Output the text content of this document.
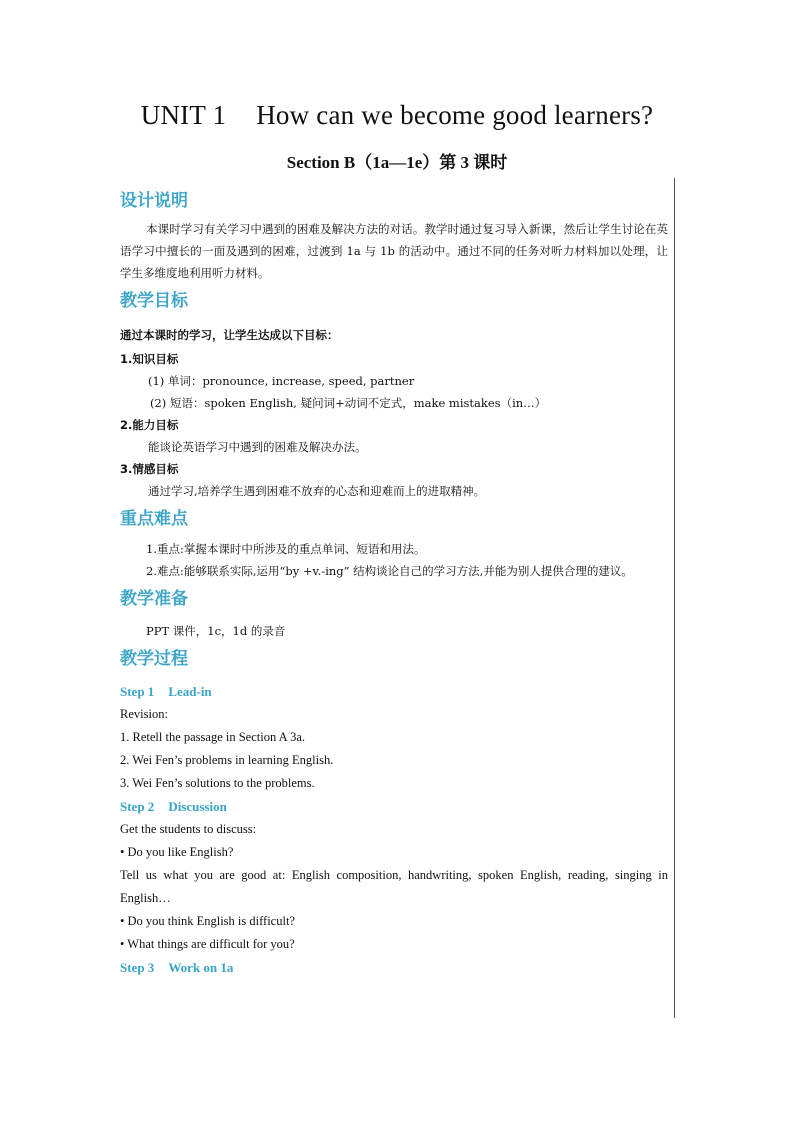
UNIT 1 How can we become good learners?
Section B（1a—1e）第 3 课时

设计说明

本课时学习有关学习中遇到的困难及解决方法的对话。教学时通过复习导入新课，然后让学生讨论在英语学习中擅长的一面及遇到的困难，过渡到 1a 与 1b 的活动中。通过不同的任务对听力材料加以处理，让学生多维度地利用听力材料。

教学目标

通过本课时的学习，让学生达成以下目标：

1.知识目标

(1) 单词：pronounce, increase, speed, partner

(2) 短语：spoken English, 疑问词+动词不定式，make mistakes（in…）

2.能力目标

能谈论英语学习中遇到的困难及解决办法。

3.情感目标

通过学习,培养学生遇到困难不放弃的心态和迎难而上的进取精神。

重点难点

1.重点:掌握本课时中所涉及的重点单词、短语和用法。

2.难点:能够联系实际,运用“by +v.-ing” 结构谈论自己的学习方法,并能为别人提供合理的建议。

教学准备

PPT 课件，1c，1d 的录音

教学过程

Step 1 Lead-in

Revision:

1. Retell the passage in Section A 3a.

2. Wei Fen’s problems in learning English.

3. Wei Fen’s solutions to the problems.

Step 2 Discussion

Get the students to discuss:

• Do you like English?

Tell us what you are good at: English composition, handwriting, spoken English, reading, singing in English…

• Do you think English is difficult?

• What things are difficult for you?

Step 3 Work on 1a
